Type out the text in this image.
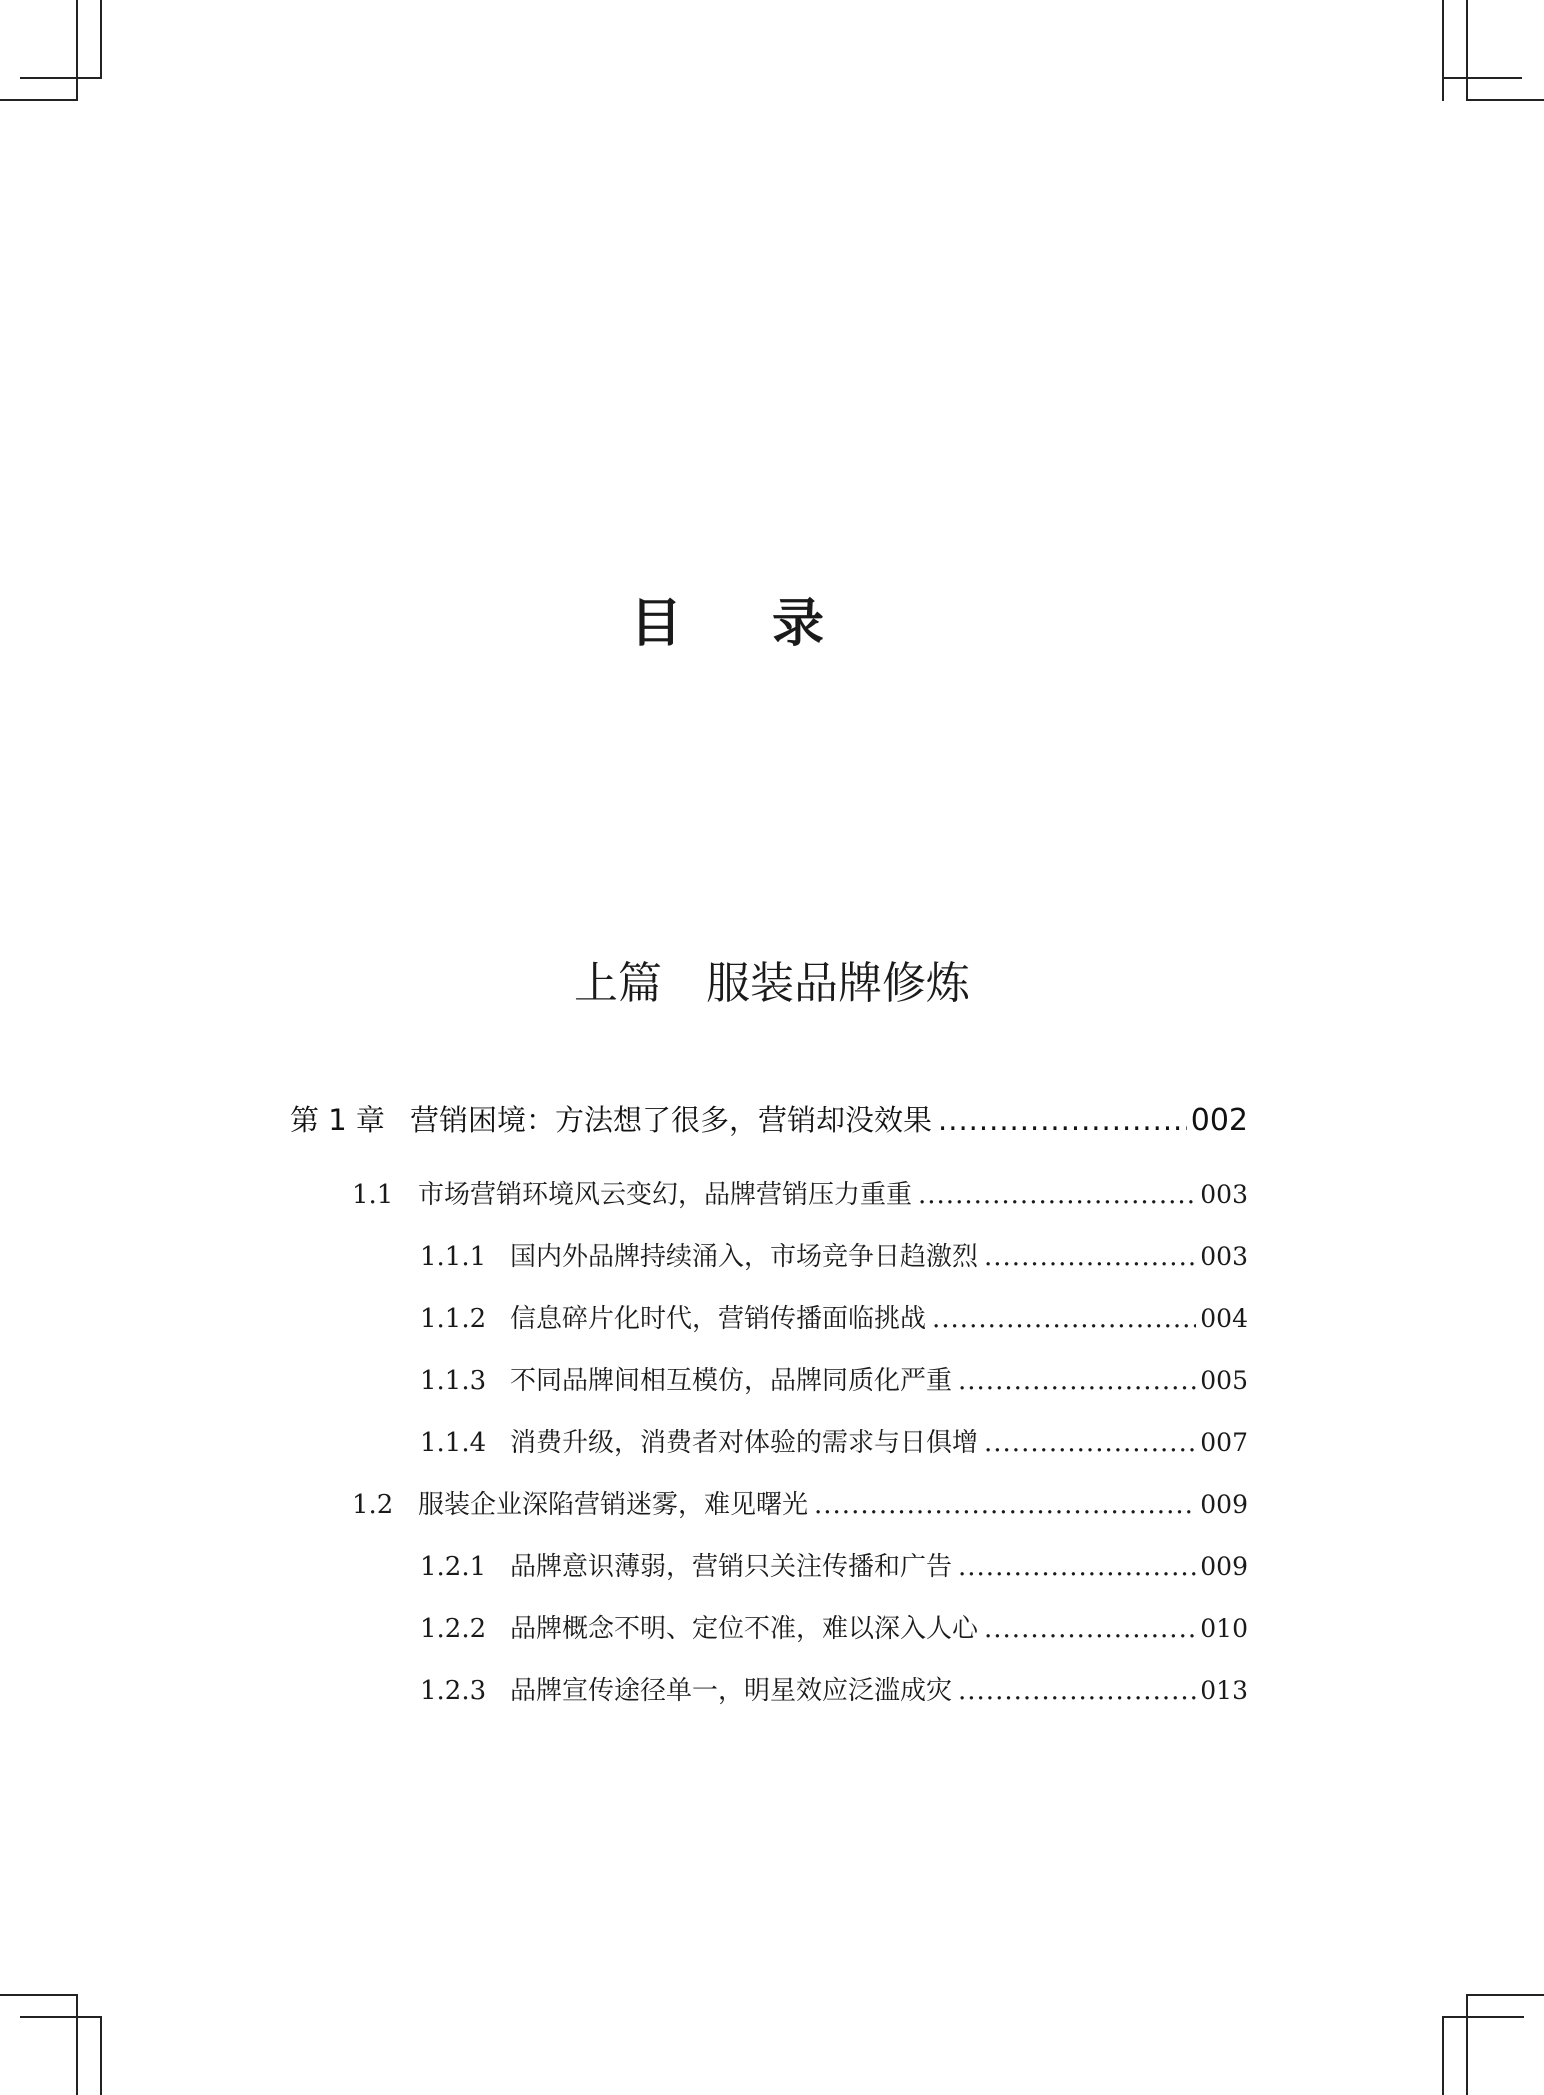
目录
上篇　服装品牌修炼
第 1 章 营销困境：方法想了很多，营销却没效果 .....	002
1.1 市场营销环境风云变幻，品牌营销压力重重 .....	003
1.1.1 国内外品牌持续涌入，市场竞争日趋激烈 .....	003
1.1.2 信息碎片化时代，营销传播面临挑战 .....	004
1.1.3 不同品牌间相互模仿，品牌同质化严重 .....	005
1.1.4 消费升级，消费者对体验的需求与日俱增 .....	007
1.2 服装企业深陷营销迷雾，难见曙光 .....	009
1.2.1 品牌意识薄弱，营销只关注传播和广告 .....	009
1.2.2 品牌概念不明、定位不准，难以深入人心 .....	010
1.2.3 品牌宣传途径单一，明星效应泛滥成灾 .....	013
